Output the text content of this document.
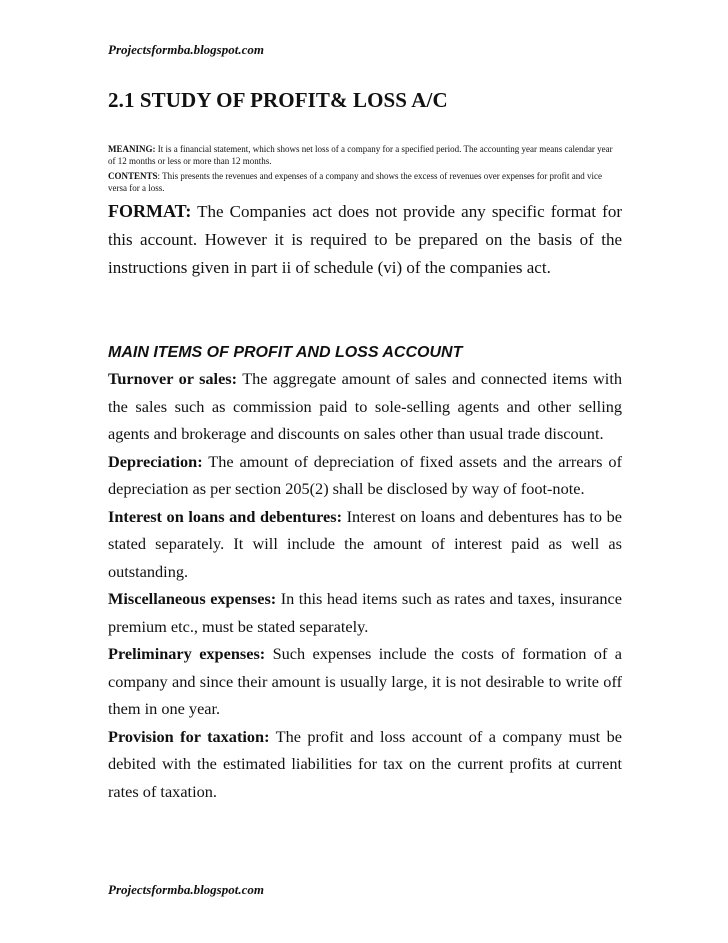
Projectsformba.blogspot.com
2.1 STUDY OF PROFIT& LOSS A/C
MEANING: It is a financial statement, which shows net loss of a company for a specified period. The accounting year means calendar year of 12 months or less or more than 12 months.
CONTENTS: This presents the revenues and expenses of a company and shows the excess of revenues over expenses for profit and vice versa for a loss.
FORMAT: The Companies act does not provide any specific format for this account. However it is required to be prepared on the basis of the instructions given in part ii of schedule (vi) of the companies act.
MAIN ITEMS OF PROFIT AND LOSS ACCOUNT

Turnover or sales: The aggregate amount of sales and connected items with the sales such as commission paid to sole-selling agents and other selling agents and brokerage and discounts on sales other than usual trade discount.

Depreciation: The amount of depreciation of fixed assets and the arrears of depreciation as per section 205(2) shall be disclosed by way of foot-note.

Interest on loans and debentures: Interest on loans and debentures has to be stated separately. It will include the amount of interest paid as well as outstanding.

Miscellaneous expenses: In this head items such as rates and taxes, insurance premium etc., must be stated separately.

Preliminary expenses: Such expenses include the costs of formation of a company and since their amount is usually large, it is not desirable to write off them in one year.

Provision for taxation: The profit and loss account of a company must be debited with the estimated liabilities for tax on the current profits at current rates of taxation.

Projectsformba.blogspot.com
